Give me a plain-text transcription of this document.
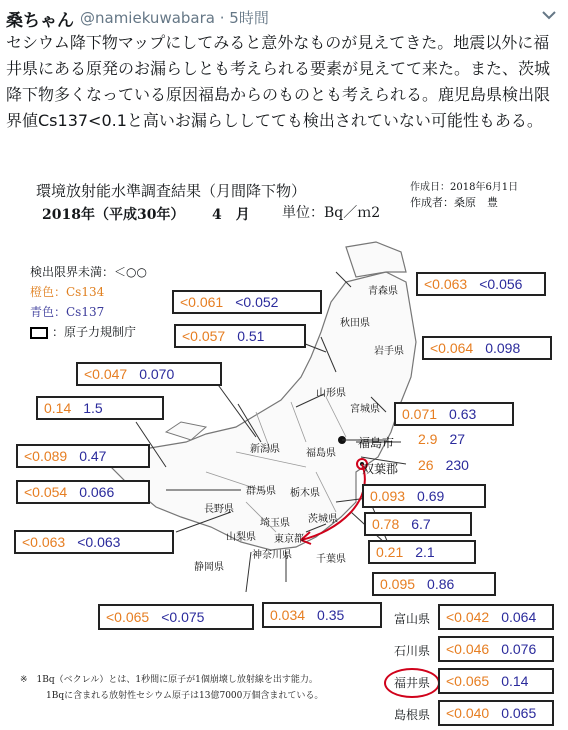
桑ちゃん @namiekuwabara · 5時間
セシウム降下物マップにしてみると意外なものが見えてきた。地震以外に福井県にある原発のお漏らしとも考えられる要素が見えてて来た。また、茨城降下物多くなっている原因福島からのものとも考えられる。鹿児島県検出限界値Cs137<0.1と高いお漏らししてても検出されていない可能性もある。
環境放射能水準調査結果（月間降下物）
2018年（平成30年） 4　月 単位：Bq／ｍ2
作成日：2018年6月1日
作成者：桑原　豊
検出限界未満：＜○○
橙色：Cs134
青色：Cs137
：原子力規制庁
青森県
秋田県
岩手県
山形県
宮城県
福島県
福島市
双葉郡
新潟県
群馬県 栃木県
茨城県
埼玉県
長野県
山梨県 東京都
神奈川県 千葉県
静岡県
<0.063 <0.056
<0.061 <0.052
<0.057 0.51
<0.064 0.098
<0.047 0.070
0.14 1.5	0.071 0.63
2.9 27
26 230
<0.089 0.47
<0.054 0.066	0.093 0.69
0.78 6.7
<0.063 <0.063
0.21 2.1
0.095 0.86
<0.065 <0.075	0.034 0.35	富山県 <0.042 0.064
石川県 <0.046 0.076
福井県 <0.065 0.14
島根県 <0.040 0.065
※　1Bq（ベクレル）とは、1秒間に原子が1個崩壊し放射線を出す能力。
1Bqに含まれる放射性セシウム原子は13億7000万個含まれている。
